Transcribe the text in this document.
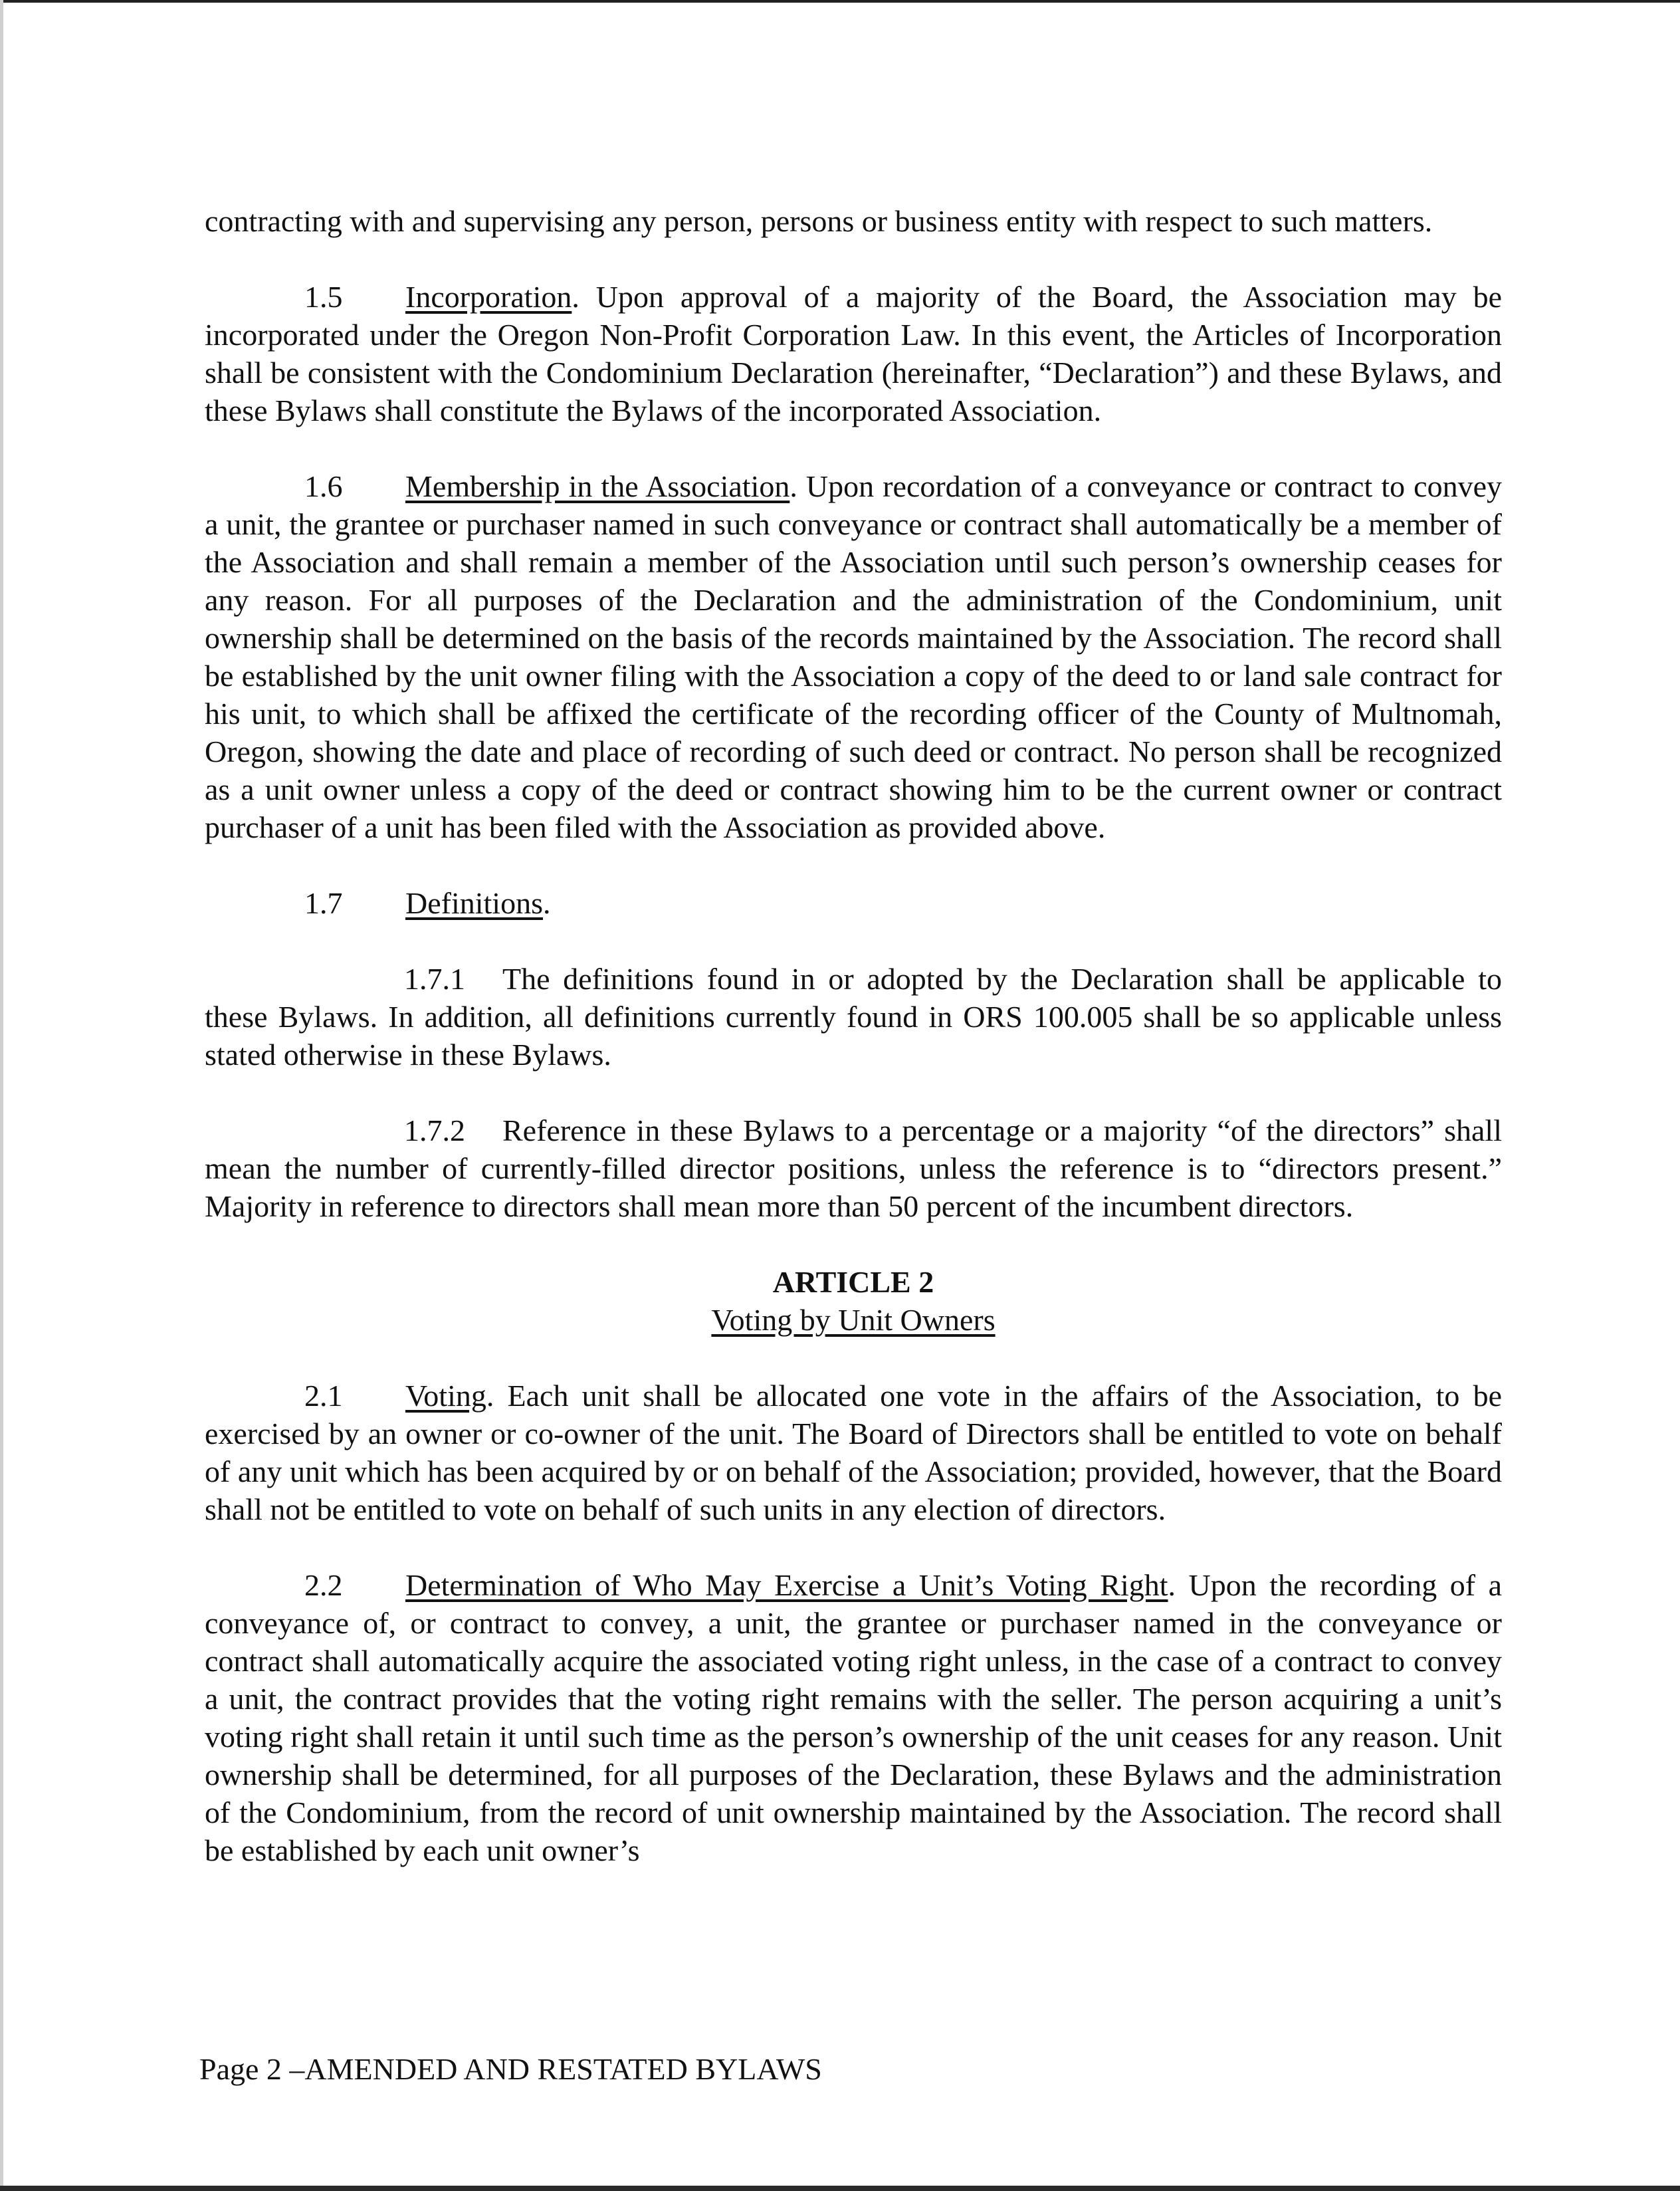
contracting with and supervising any person, persons or business entity with respect to such matters.

1.5 Incorporation. Upon approval of a majority of the Board, the Association may be incorporated under the Oregon Non-Profit Corporation Law. In this event, the Articles of Incorporation shall be consistent with the Condominium Declaration (hereinafter, “Declaration”) and these Bylaws, and these Bylaws shall constitute the Bylaws of the incorporated Association.

1.6 Membership in the Association. Upon recordation of a conveyance or contract to convey a unit, the grantee or purchaser named in such conveyance or contract shall automatically be a member of the Association and shall remain a member of the Association until such person’s ownership ceases for any reason. For all purposes of the Declaration and the administration of the Condominium, unit ownership shall be determined on the basis of the records maintained by the Association. The record shall be established by the unit owner filing with the Association a copy of the deed to or land sale contract for his unit, to which shall be affixed the certificate of the recording officer of the County of Multnomah, Oregon, showing the date and place of recording of such deed or contract. No person shall be recognized as a unit owner unless a copy of the deed or contract showing him to be the current owner or contract purchaser of a unit has been filed with the Association as provided above.

1.7 Definitions.

1.7.1 The definitions found in or adopted by the Declaration shall be applicable to these Bylaws. In addition, all definitions currently found in ORS 100.005 shall be so applicable unless stated otherwise in these Bylaws.

1.7.2 Reference in these Bylaws to a percentage or a majority “of the directors” shall mean the number of currently-filled director positions, unless the reference is to “directors present.” Majority in reference to directors shall mean more than 50 percent of the incumbent directors.

ARTICLE 2
Voting by Unit Owners

2.1 Voting. Each unit shall be allocated one vote in the affairs of the Association, to be exercised by an owner or co-owner of the unit. The Board of Directors shall be entitled to vote on behalf of any unit which has been acquired by or on behalf of the Association; provided, however, that the Board shall not be entitled to vote on behalf of such units in any election of directors.

2.2 Determination of Who May Exercise a Unit’s Voting Right. Upon the recording of a conveyance of, or contract to convey, a unit, the grantee or purchaser named in the conveyance or contract shall automatically acquire the associated voting right unless, in the case of a contract to convey a unit, the contract provides that the voting right remains with the seller. The person acquiring a unit’s voting right shall retain it until such time as the person’s ownership of the unit ceases for any reason. Unit ownership shall be determined, for all purposes of the Declaration, these Bylaws and the administration of the Condominium, from the record of unit ownership maintained by the Association. The record shall be established by each unit owner’s

Page 2 –AMENDED AND RESTATED BYLAWS
